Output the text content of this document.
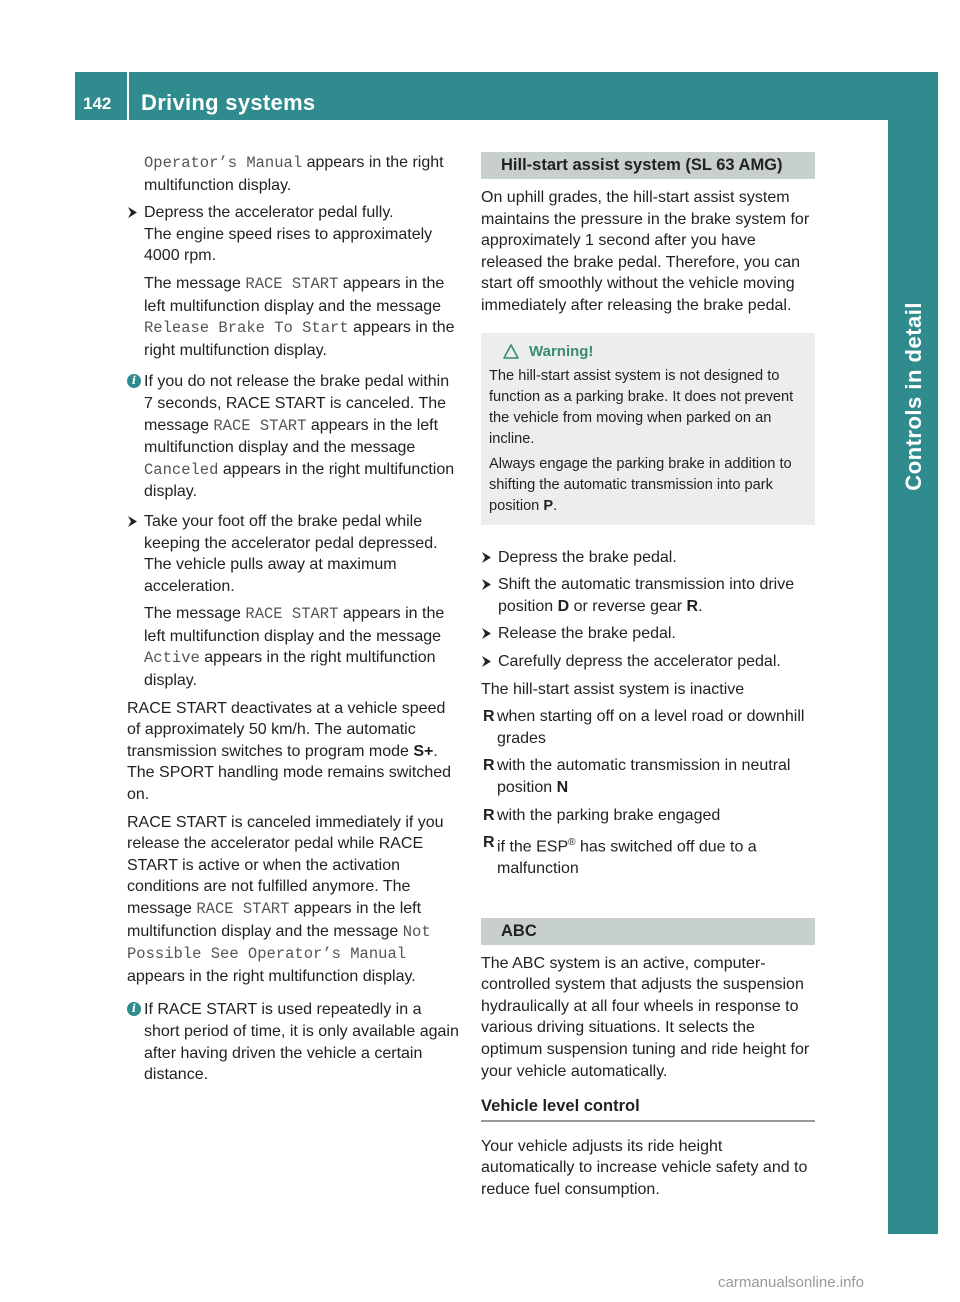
142 Driving systems
Controls in detail

Operator’s Manual appears in the right multifunction display.

Depress the accelerator pedal fully.
The engine speed rises to approximately 4000 rpm.
The message RACE START appears in the left multifunction display and the message Release Brake To Start appears in the right multifunction display.
i If you do not release the brake pedal within 7 seconds, RACE START is canceled. The message RACE START appears in the left multifunction display and the message Canceled appears in the right multifunction display.
Take your foot off the brake pedal while keeping the accelerator pedal depressed. The vehicle pulls away at maximum acceleration.
The message RACE START appears in the left multifunction display and the message Active appears in the right multifunction display.

RACE START deactivates at a vehicle speed of approximately 50 km/h. The automatic transmission switches to program mode S+. The SPORT handling mode remains switched on.

RACE START is canceled immediately if you release the accelerator pedal while RACE START is active or when the activation conditions are not fulfilled anymore. The message RACE START appears in the left multifunction display and the message Not Possible See Operator’s Manual appears in the right multifunction display.

i If RACE START is used repeatedly in a short period of time, it is only available again after having driven the vehicle a certain distance.
Hill-start assist system (SL 63 AMG)

On uphill grades, the hill-start assist system maintains the pressure in the brake system for approximately 1 second after you have released the brake pedal. Therefore, you can start off smoothly without the vehicle moving immediately after releasing the brake pedal.

Warning!

The hill-start assist system is not designed to function as a parking brake. It does not prevent the vehicle from moving when parked on an incline.

Always engage the parking brake in addition to shifting the automatic transmission into park position P.

Depress the brake pedal.
Shift the automatic transmission into drive position D or reverse gear R.
Release the brake pedal.
Carefully depress the accelerator pedal.

The hill-start assist system is inactive

R when starting off on a level road or downhill grades
R with the automatic transmission in neutral position N
R with the parking brake engaged
R if the ESP® has switched off due to a malfunction
ABC

The ABC system is an active, computer-controlled system that adjusts the suspension hydraulically at all four wheels in response to various driving situations. It selects the optimum suspension tuning and ride height for your vehicle automatically.

Vehicle level control

Your vehicle adjusts its ride height automatically to increase vehicle safety and to reduce fuel consumption.

carmanualsonline.info
